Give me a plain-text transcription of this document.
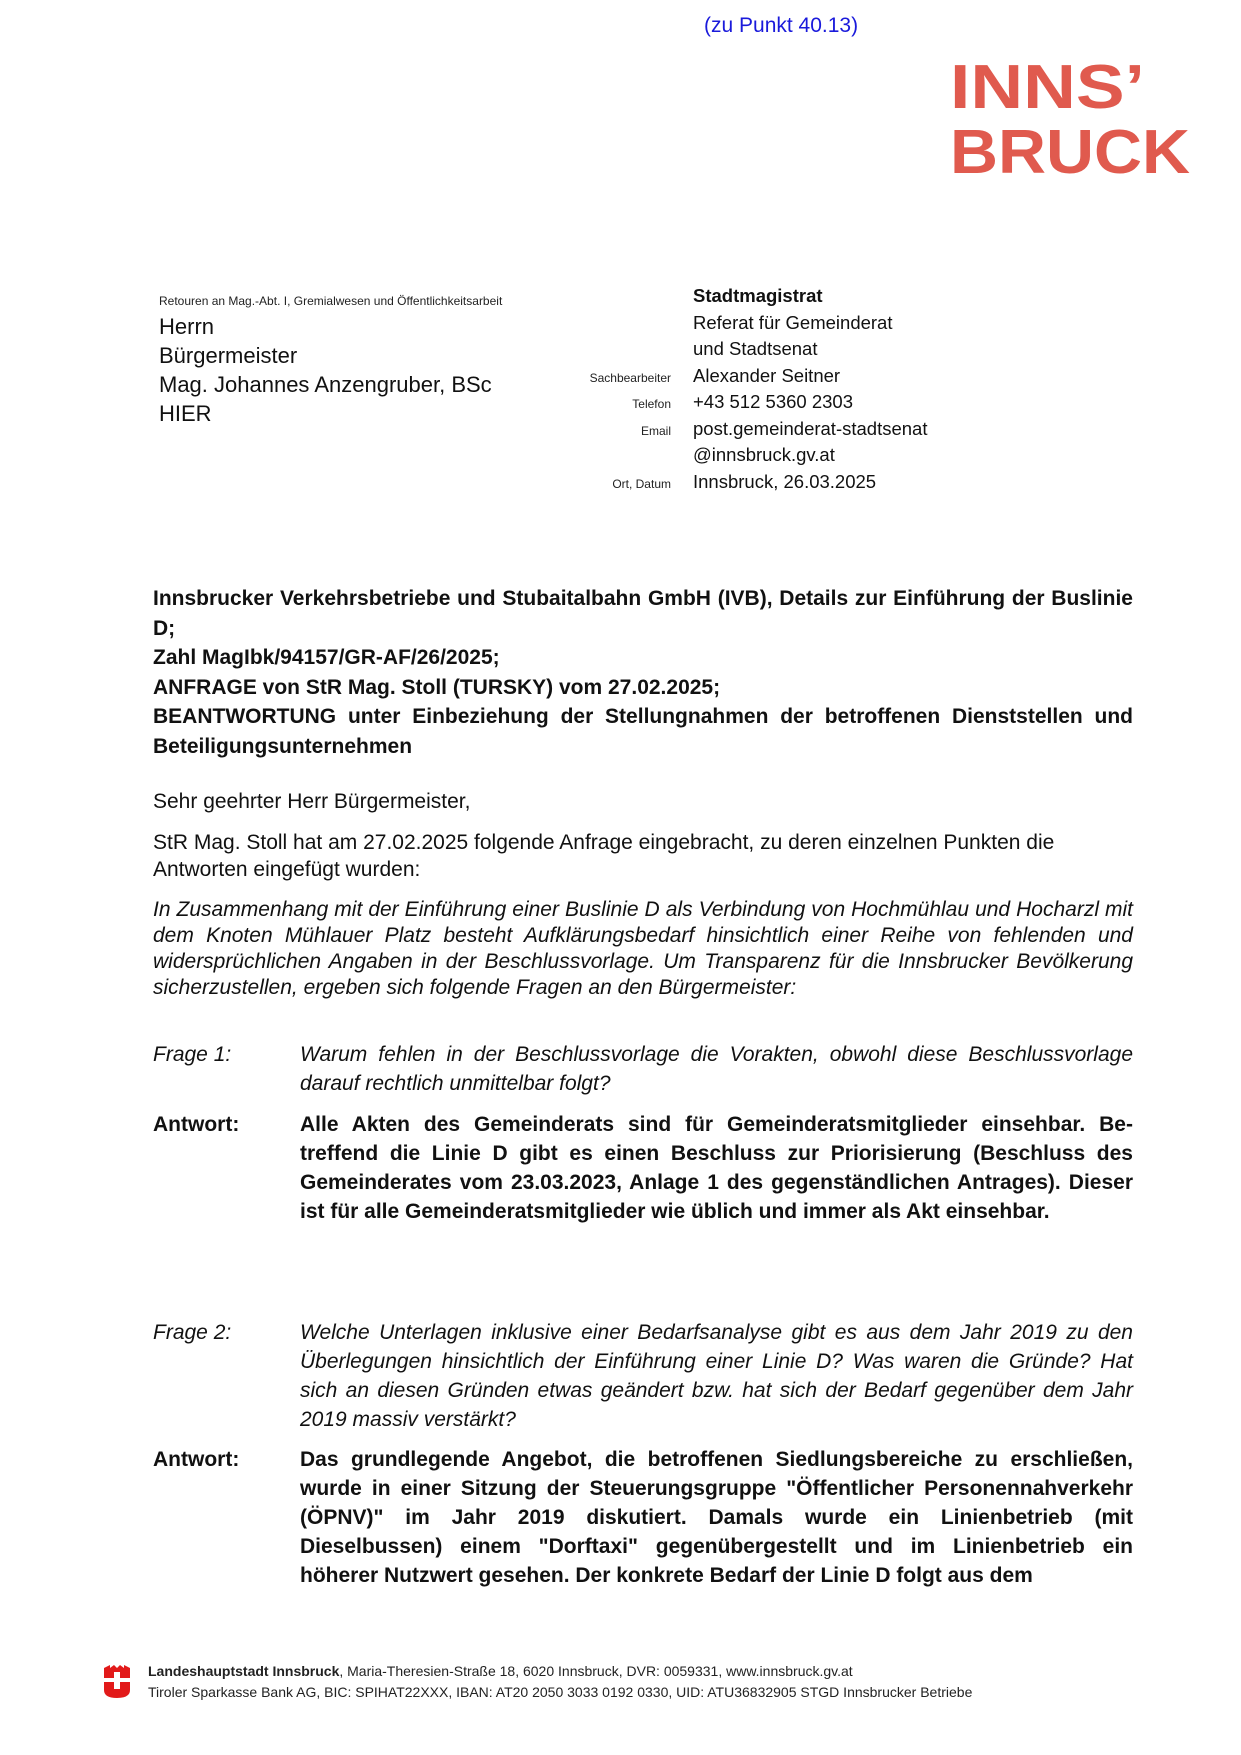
(zu Punkt 40.13)
INNS’
BRUCK
Retouren an Mag.-Abt. I, Gremialwesen und Öffentlichkeitsarbeit
Herrn
Bürgermeister
Mag. Johannes Anzengruber, BSc
HIER
Stadtmagistrat
Referat für Gemeinderat
und Stadtsenat
Sachbearbeiter	Alexander Seitner
Telefon	+43 512 5360 2303
Email	post.gemeinderat-stadtsenat
@innsbruck.gv.at
Ort, Datum	Innsbruck, 26.03.2025
Innsbrucker Verkehrsbetriebe und Stubaitalbahn GmbH (IVB), Details zur Einführung der Buslinie D;
Zahl MagIbk/94157/GR-AF/26/2025;
ANFRAGE von StR Mag. Stoll (TURSKY) vom 27.02.2025;
BEANTWORTUNG unter Einbeziehung der Stellungnahmen der betroffenen Dienststellen und Beteiligungsunternehmen
Sehr geehrter Herr Bürgermeister,
StR Mag. Stoll hat am 27.02.2025 folgende Anfrage eingebracht, zu deren einzelnen Punkten die Antworten eingefügt wurden:
In Zusammenhang mit der Einführung einer Buslinie D als Verbindung von Hochmühlau und Hocharzl mit dem Knoten Mühlauer Platz besteht Aufklärungsbedarf hinsichtlich einer Reihe von fehlenden und widersprüchlichen Angaben in der Beschlussvorlage. Um Transparenz für die Innsbrucker Bevölkerung sicherzustellen, ergeben sich folgende Fragen an den Bürgermeister:
Frage 1:	Warum fehlen in der Beschlussvorlage die Vorakten, obwohl diese Beschlussvorlage darauf rechtlich unmittelbar folgt?
Antwort:	Alle Akten des Gemeinderats sind für Gemeinderatsmitglieder einsehbar. Betreffend die Linie D gibt es einen Beschluss zur Priorisierung (Beschluss des Gemeinderates vom 23.03.2023, Anlage 1 des gegenständlichen Antrages). Dieser ist für alle Gemeinderatsmitglieder wie üblich und immer als Akt einsehbar.
Frage 2:	Welche Unterlagen inklusive einer Bedarfsanalyse gibt es aus dem Jahr 2019 zu den Überlegungen hinsichtlich der Einführung einer Linie D? Was waren die Gründe? Hat sich an diesen Gründen etwas geändert bzw. hat sich der Bedarf gegenüber dem Jahr 2019 massiv verstärkt?
Antwort:	Das grundlegende Angebot, die betroffenen Siedlungsbereiche zu erschließen, wurde in einer Sitzung der Steuerungsgruppe "Öffentlicher Personennahverkehr (ÖPNV)" im Jahr 2019 diskutiert. Damals wurde ein Linienbetrieb (mit Dieselbussen) einem "Dorftaxi" gegenübergestellt und im Linienbetrieb ein höherer Nutzwert gesehen. Der konkrete Bedarf der Linie D folgt aus dem
Landeshauptstadt Innsbruck, Maria-Theresien-Straße 18, 6020 Innsbruck, DVR: 0059331, www.innsbruck.gv.at
Tiroler Sparkasse Bank AG, BIC: SPIHAT22XXX, IBAN: AT20 2050 3033 0192 0330, UID: ATU36832905 STGD Innsbrucker Betriebe
